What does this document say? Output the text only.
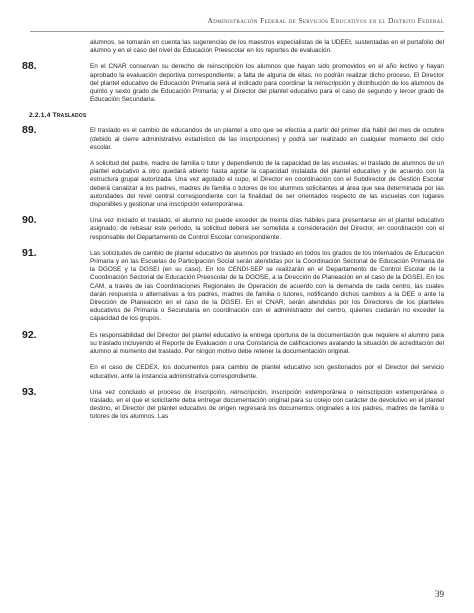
Administración Federal de Servicios Educativos en el Distrito Federal

alumnos, se tomarán en cuenta las sugerencias de los maestros especialistas de la UDEEI, sustentadas en el portafolio del alumno y en el caso del nivel de Educación Preescolar en los reportes de evaluación.

88.	En el CNAR conservan su derecho de reinscripción los alumnos que hayan sido promovidos en el año lectivo y hayan aprobado la evaluación deportiva correspondiente; a falta de alguna de ellas, no podrán realizar dicho proceso. El Director del plantel educativo de Educación Primaria será el indicado para coordinar la reinscripción y distribución de los alumnos de quinto y sexto grado de Educación Primaria; y el Director del plantel educativo para el caso de segundo y tercer grado de Educación Secundaria.

2.2.1.4 Traslados

89.	El traslado es el cambio de educandos de un plantel a otro que se efectúa a partir del primer día hábil del mes de octubre (debido al cierre administrativo estadístico de las inscripciones) y podrá ser realizado en cualquier momento del ciclo escolar.

A solicitud del padre, madre de familia o tutor y dependiendo de la capacidad de las escuelas, el traslado de alumnos de un plantel educativo a otro quedará abierto hasta agotar la capacidad instalada del plantel educativo y de acuerdo con la estructura grupal autorizada. Una vez agotado el cupo, el Director en coordinación con el Subdirector de Gestión Escolar deberá canalizar a los padres, madres de familia o tutores de los alumnos solicitantes al área que sea determinada por las autoridades del nivel central correspondiente con la finalidad de ser orientados respecto de las escuelas con lugares disponibles y gestionar una inscripción extemporánea.

90.	Una vez iniciado el traslado, el alumno no puede exceder de treinta días hábiles para presentarse en el plantel educativo asignado; de rebasar este período, la solicitud deberá ser sometida a consideración del Director, en coordinación con el responsable del Departamento de Control Escolar correspondiente.

91.	Las solicitudes de cambio de plantel educativo de alumnos por traslado en todos los grados de los Internados de Educación Primaria y en las Escuelas de Participación Social serán atendidas por la Coordinación Sectorial de Educación Primaria de la DGOSE y la DGSEI (en su caso). En los CENDI-SEP se realizarán en el Departamento de Control Escolar de la Coordinación Sectorial de Educación Preescolar de la DGOSE, a la Dirección de Planeación en el caso de la DGSEI. En los CAM, a través de las Coordinaciones Regionales de Operación de acuerdo con la demanda de cada centro, las cuales darán respuesta o alternativas a los padres, madres de familia o tutores, notificando dichos cambios a la DEE o ante la Dirección de Planeación en el caso de la DGSEI. En el CNAR, serán atendidas por los Directores de los planteles educativos de Primaria o Secundaria en coordinación con el administrador del centro, quienes cuidarán no exceder la capacidad de los grupos.

92.	Es responsabilidad del Director del plantel educativo la entrega oportuna de la documentación que requiere el alumno para su traslado incluyendo el Reporte de Evaluación o una Constancia de calificaciones avalando la situación de acreditación del alumno al momento del traslado. Por ningún motivo debe retener la documentación original.

En el caso de CEDEX, los documentos para cambio de plantel educativo son gestionados por el Director del servicio educativo, ante la instancia administrativa correspondiente.

93.	Una vez concluido el proceso de inscripción, reinscripción, inscripción extemporánea o reinscripción extemporánea o traslado, en el que el solicitante deba entregar documentación original para su cotejo con carácter de devolutivo en el plantel destino, el Director del plantel educativo de origen regresará los documentos originales a los padres, madres de familia o tutores de los alumnos. Las

39
